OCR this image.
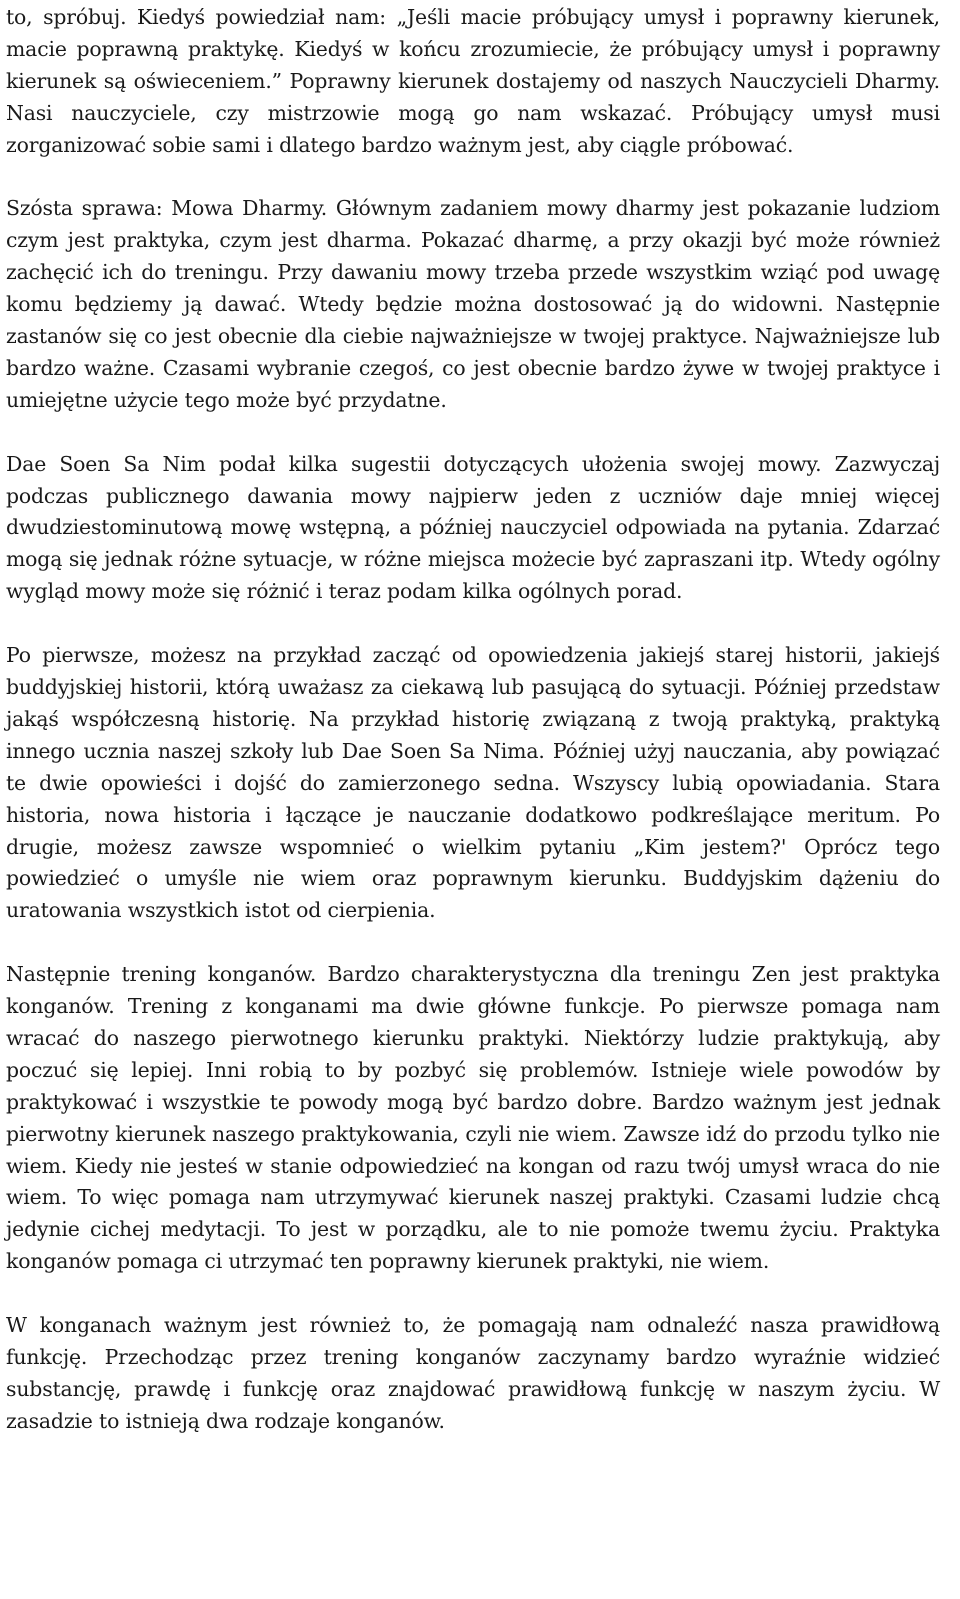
to, spróbuj. Kiedyś powiedział nam: „Jeśli macie próbujący umysł i poprawny kierunek, macie poprawną praktykę. Kiedyś w końcu zrozumiecie, że próbujący umysł i poprawny kierunek są oświeceniem.” Poprawny kierunek dostajemy od naszych Nauczycieli Dharmy. Nasi nauczyciele, czy mistrzowie mogą go nam wskazać. Próbujący umysł musi zorganizować sobie sami i dlatego bardzo ważnym jest, aby ciągle próbować.

Szósta sprawa: Mowa Dharmy. Głównym zadaniem mowy dharmy jest pokazanie ludziom czym jest praktyka, czym jest dharma. Pokazać dharmę, a przy okazji być może również zachęcić ich do treningu. Przy dawaniu mowy trzeba przede wszystkim wziąć pod uwagę komu będziemy ją dawać. Wtedy będzie można dostosować ją do widowni. Następnie zastanów się co jest obecnie dla ciebie najważniejsze w twojej praktyce. Najważniejsze lub bardzo ważne. Czasami wybranie czegoś, co jest obecnie bardzo żywe w twojej praktyce i umiejętne użycie tego może być przydatne.

Dae Soen Sa Nim podał kilka sugestii dotyczących ułożenia swojej mowy. Zazwyczaj podczas publicznego dawania mowy najpierw jeden z uczniów daje mniej więcej dwudziestominutową mowę wstępną, a później nauczyciel odpowiada na pytania. Zdarzać mogą się jednak różne sytuacje, w różne miejsca możecie być zapraszani itp. Wtedy ogólny wygląd mowy może się różnić i teraz podam kilka ogólnych porad.

Po pierwsze, możesz na przykład zacząć od opowiedzenia jakiejś starej historii, jakiejś buddyjskiej historii, którą uważasz za ciekawą lub pasującą do sytuacji. Później przedstaw jakąś współczesną historię. Na przykład historię związaną z twoją praktyką, praktyką innego ucznia naszej szkoły lub Dae Soen Sa Nima. Później użyj nauczania, aby powiązać te dwie opowieści i dojść do zamierzonego sedna. Wszyscy lubią opowiadania. Stara historia, nowa historia i łączące je nauczanie dodatkowo podkreślające meritum. Po drugie, możesz zawsze wspomnieć o wielkim pytaniu „Kim jestem?' Oprócz tego powiedzieć o umyśle nie wiem oraz poprawnym kierunku. Buddyjskim dążeniu do uratowania wszystkich istot od cierpienia.

Następnie trening konganów. Bardzo charakterystyczna dla treningu Zen jest praktyka konganów. Trening z konganami ma dwie główne funkcje. Po pierwsze pomaga nam wracać do naszego pierwotnego kierunku praktyki. Niektórzy ludzie praktykują, aby poczuć się lepiej. Inni robią to by pozbyć się problemów. Istnieje wiele powodów by praktykować i wszystkie te powody mogą być bardzo dobre. Bardzo ważnym jest jednak pierwotny kierunek naszego praktykowania, czyli nie wiem. Zawsze idź do przodu tylko nie wiem. Kiedy nie jesteś w stanie odpowiedzieć na kongan od razu twój umysł wraca do nie wiem. To więc pomaga nam utrzymywać kierunek naszej praktyki. Czasami ludzie chcą jedynie cichej medytacji. To jest w porządku, ale to nie pomoże twemu życiu. Praktyka konganów pomaga ci utrzymać ten poprawny kierunek praktyki, nie wiem.

W konganach ważnym jest również to, że pomagają nam odnaleźć nasza prawidłową funkcję. Przechodząc przez trening konganów zaczynamy bardzo wyraźnie widzieć substancję, prawdę i funkcję oraz znajdować prawidłową funkcję w naszym życiu. W zasadzie to istnieją dwa rodzaje konganów.
